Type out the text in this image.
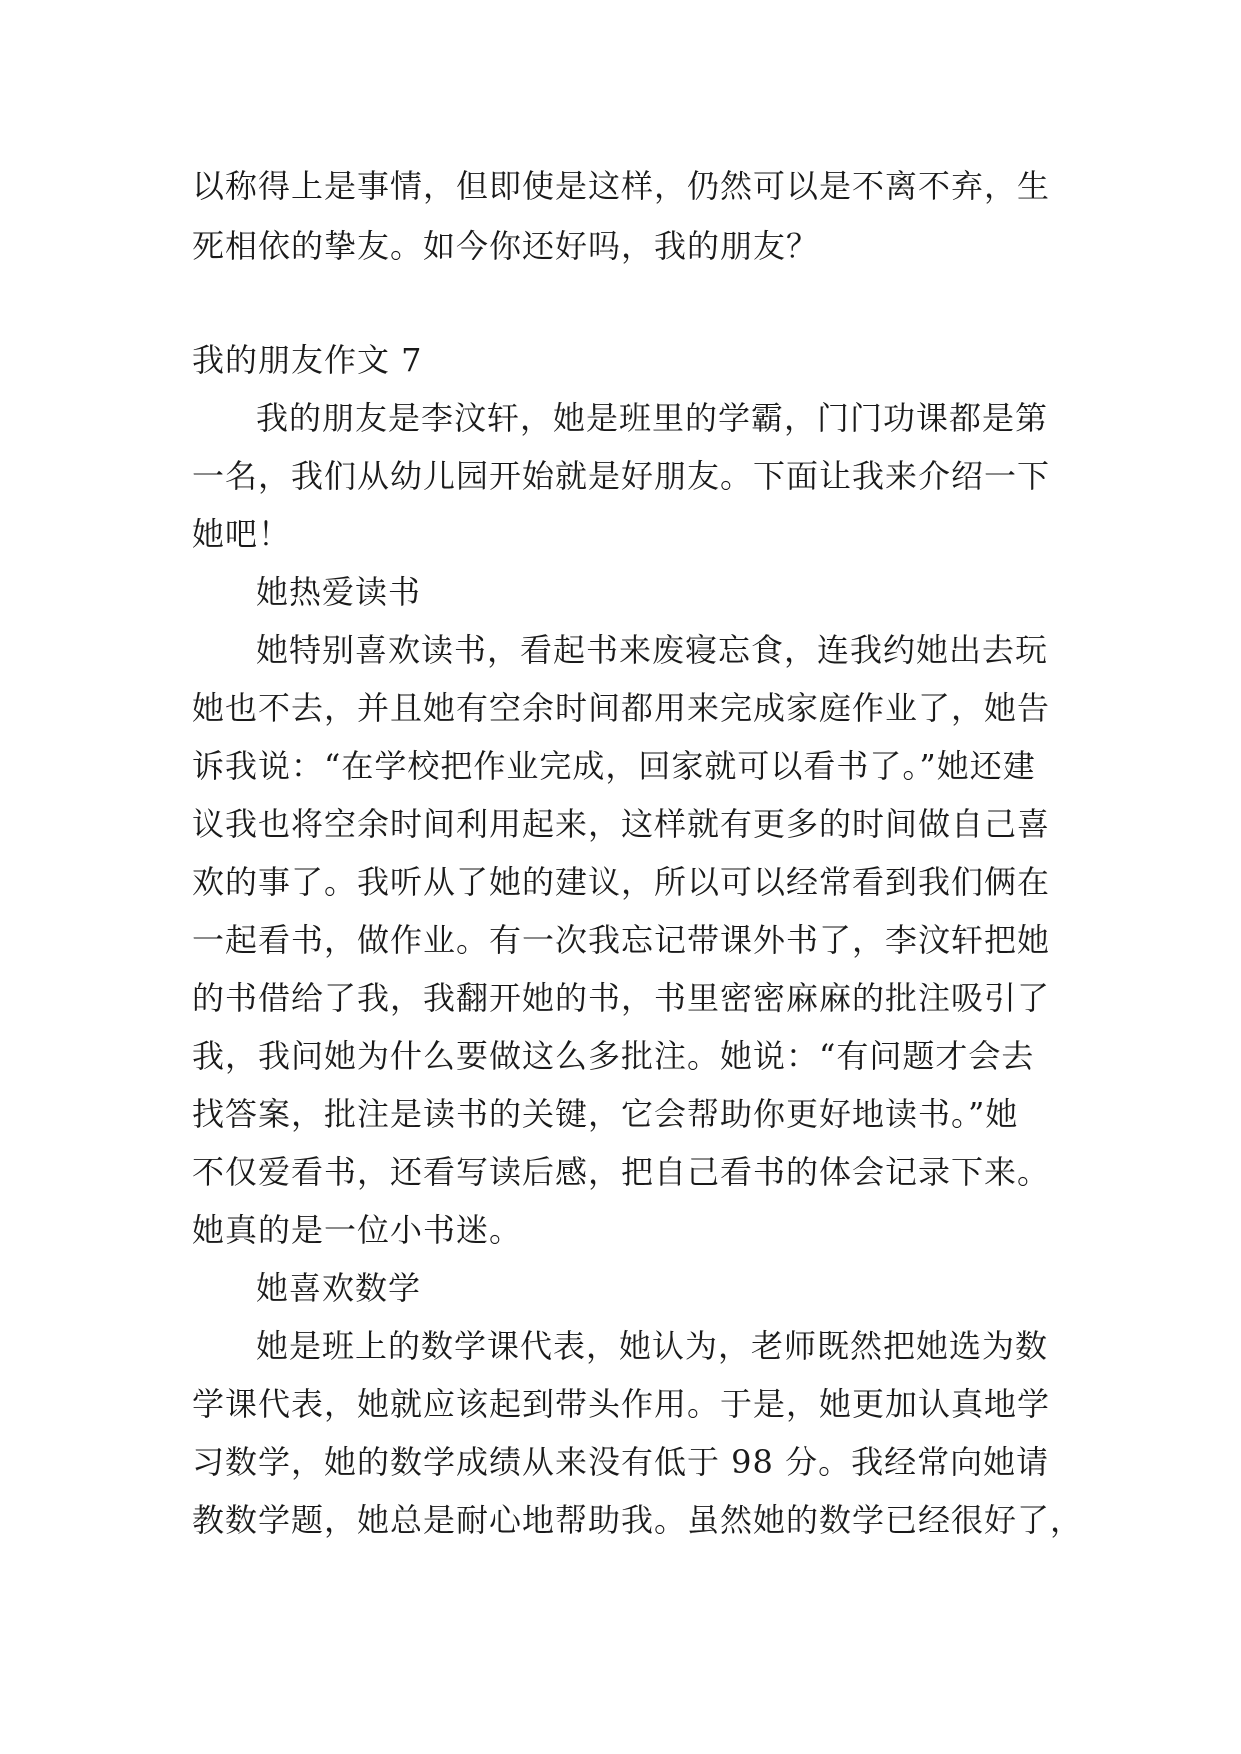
以称得上是事情，但即使是这样，仍然可以是不离不弃，生
死相依的挚友。如今你还好吗，我的朋友？
我的朋友作文 7
我的朋友是李汶轩，她是班里的学霸，门门功课都是第
一名，我们从幼儿园开始就是好朋友。下面让我来介绍一下
她吧！
她热爱读书
她特别喜欢读书，看起书来废寝忘食，连我约她出去玩
她也不去，并且她有空余时间都用来完成家庭作业了，她告
诉我说：“在学校把作业完成，回家就可以看书了。”她还建
议我也将空余时间利用起来，这样就有更多的时间做自己喜
欢的事了。我听从了她的建议，所以可以经常看到我们俩在
一起看书，做作业。有一次我忘记带课外书了，李汶轩把她
的书借给了我，我翻开她的书，书里密密麻麻的批注吸引了
我，我问她为什么要做这么多批注。她说：“有问题才会去
找答案，批注是读书的关键，它会帮助你更好地读书。”她
不仅爱看书，还看写读后感，把自己看书的体会记录下来。
她真的是一位小书迷。
她喜欢数学
她是班上的数学课代表，她认为，老师既然把她选为数
学课代表，她就应该起到带头作用。于是，她更加认真地学
习数学，她的数学成绩从来没有低于 98 分。我经常向她请
教数学题，她总是耐心地帮助我。虽然她的数学已经很好了，
